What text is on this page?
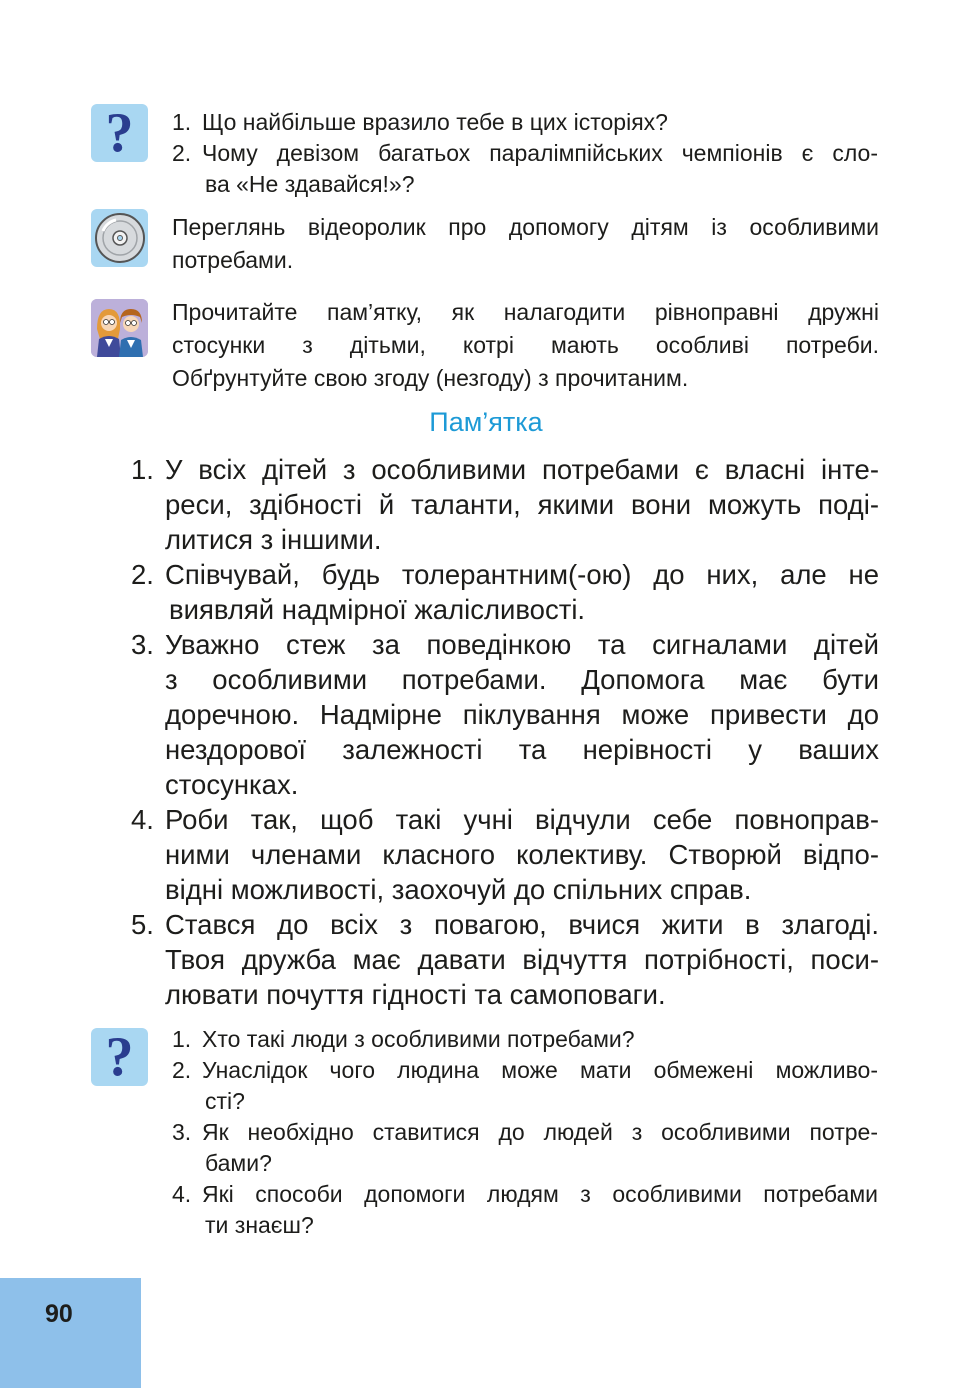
?	1. Що найбільше вразило тебе в цих історіях?
2. Чому девізом багатьох паралімпійських чемпіонів є сло-
ва «Не здавайся!»?
Переглянь відеоролик про допомогу дітям із особливими
потребами.
Прочитайте пам’ятку, як налагодити рівноправні дружні
стосунки з дітьми, котрі мають особливі потреби.
Обґрунтуйте свою згоду (незгоду) з прочитаним.
Пам’ятка
1. У всіх дітей з особливими потребами є власні інте-
реси, здібності й таланти, якими вони можуть поді-
литися з іншими.
2. Співчувай, будь толерантним(-ою) до них, але не
виявляй надмірної жалісливості.
3. Уважно стеж за поведінкою та сигналами дітей
з особливими потребами. Допомога має бути
доречною. Надмірне піклування може привести до
нездорової залежності та нерівності у ваших
стосунках.
4. Роби так, щоб такі учні відчули себе повноправ-
ними членами класного колективу. Створюй відпо-
відні можливості, заохочуй до спільних справ.
5. Стався до всіх з повагою, вчися жити в злагоді.
Твоя дружба має давати відчуття потрібності, поси-
лювати почуття гідності та самоповаги.
?	1. Хто такі люди з особливими потребами?
2. Унаслідок чого людина може мати обмежені можливо-
сті?
3. Як необхідно ставитися до людей з особливими потре-
бами?
4. Які способи допомоги людям з особливими потребами
ти знаєш?
90
